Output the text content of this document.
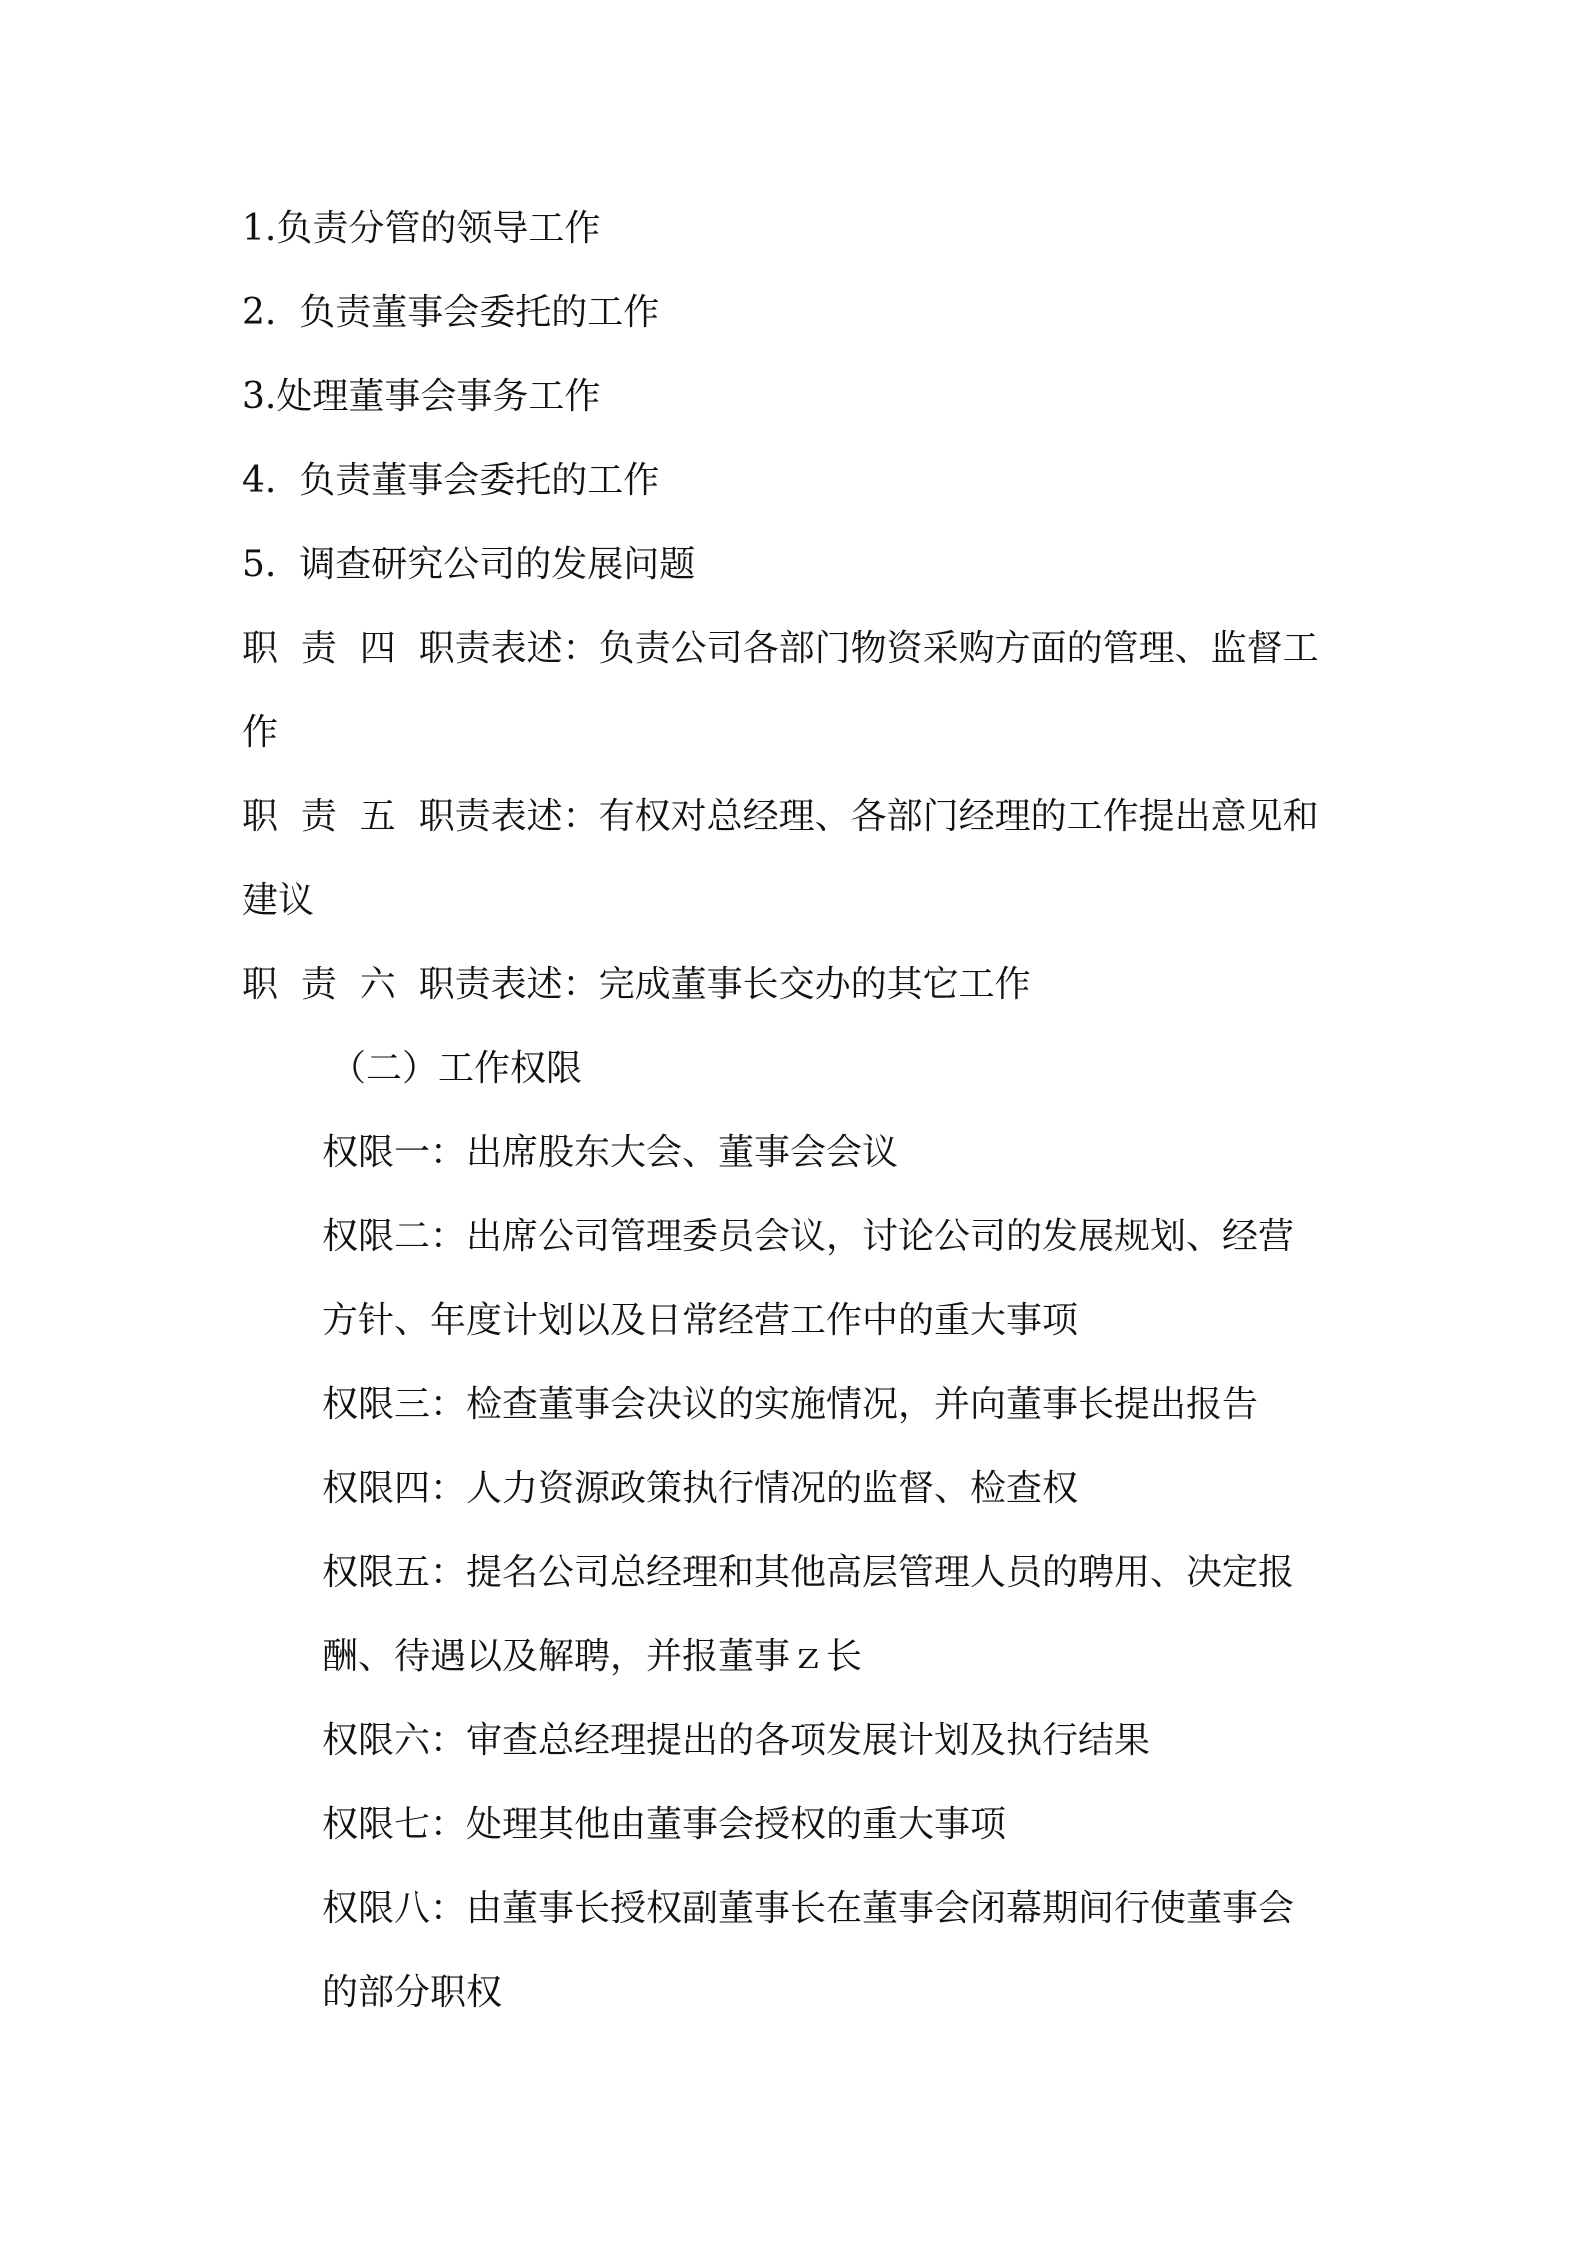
1.负责分管的领导工作
2.  负责董事会委托的工作
3.处理董事会事务工作
4.  负责董事会委托的工作
5.  调查研究公司的发展问题
职  责  四  职责表述：负责公司各部门物资采购方面的管理、监督工
作
职  责  五  职责表述：有权对总经理、各部门经理的工作提出意见和
建议
职  责  六  职责表述：完成董事长交办的其它工作
（二）工作权限
权限一：出席股东大会、董事会会议
权限二：出席公司管理委员会议，讨论公司的发展规划、经营
方针、年度计划以及日常经营工作中的重大事项
权限三：检查董事会决议的实施情况，并向董事长提出报告
权限四：人力资源政策执行情况的监督、检查权
权限五：提名公司总经理和其他高层管理人员的聘用、决定报
酬、待遇以及解聘，并报董事ｚ长
权限六：审查总经理提出的各项发展计划及执行结果
权限七：处理其他由董事会授权的重大事项
权限八：由董事长授权副董事长在董事会闭幕期间行使董事会
的部分职权
